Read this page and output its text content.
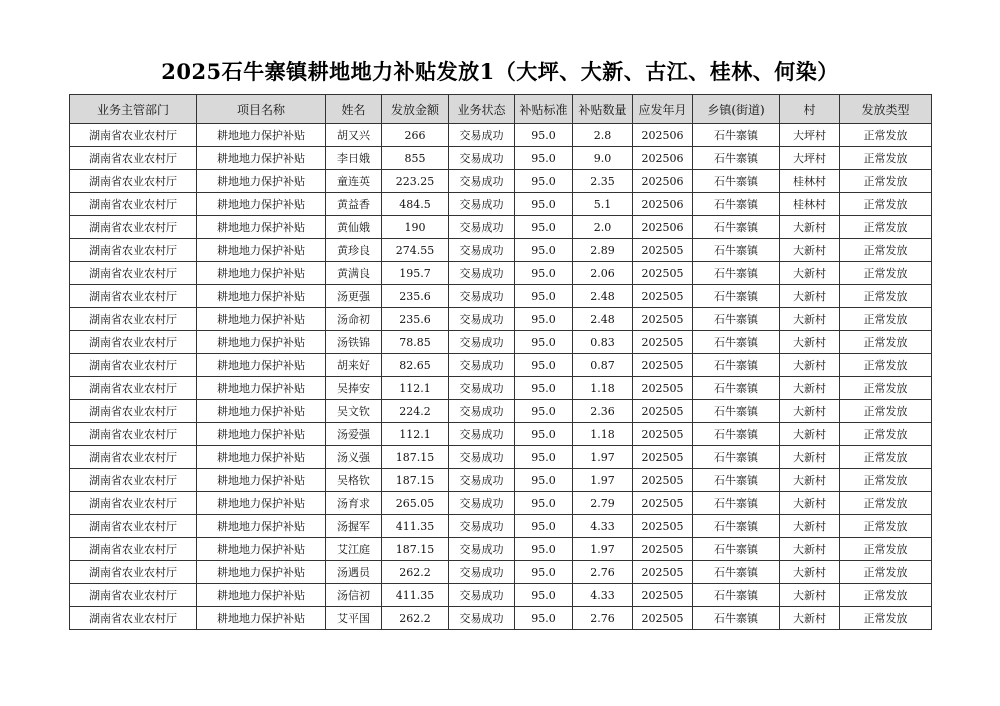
2025石牛寨镇耕地地力补贴发放1（大坪、大新、古江、桂林、何染）
业务主管部门	项目名称	姓名	发放金额	业务状态	补贴标准	补贴数量	应发年月	乡镇(街道)	村	发放类型
湖南省农业农村厅	耕地地力保护补贴	胡又兴	266	交易成功	95.0	2.8	202506	石牛寨镇	大坪村	正常发放
湖南省农业农村厅	耕地地力保护补贴	李日娥	855	交易成功	95.0	9.0	202506	石牛寨镇	大坪村	正常发放
湖南省农业农村厅	耕地地力保护补贴	童连英	223.25	交易成功	95.0	2.35	202506	石牛寨镇	桂林村	正常发放
湖南省农业农村厅	耕地地力保护补贴	黄益香	484.5	交易成功	95.0	5.1	202506	石牛寨镇	桂林村	正常发放
湖南省农业农村厅	耕地地力保护补贴	黄仙娥	190	交易成功	95.0	2.0	202506	石牛寨镇	大新村	正常发放
湖南省农业农村厅	耕地地力保护补贴	黄珍良	274.55	交易成功	95.0	2.89	202505	石牛寨镇	大新村	正常发放
湖南省农业农村厅	耕地地力保护补贴	黄满良	195.7	交易成功	95.0	2.06	202505	石牛寨镇	大新村	正常发放
湖南省农业农村厅	耕地地力保护补贴	汤更强	235.6	交易成功	95.0	2.48	202505	石牛寨镇	大新村	正常发放
湖南省农业农村厅	耕地地力保护补贴	汤命初	235.6	交易成功	95.0	2.48	202505	石牛寨镇	大新村	正常发放
湖南省农业农村厅	耕地地力保护补贴	汤铁锦	78.85	交易成功	95.0	0.83	202505	石牛寨镇	大新村	正常发放
湖南省农业农村厅	耕地地力保护补贴	胡来好	82.65	交易成功	95.0	0.87	202505	石牛寨镇	大新村	正常发放
湖南省农业农村厅	耕地地力保护补贴	吴捧安	112.1	交易成功	95.0	1.18	202505	石牛寨镇	大新村	正常发放
湖南省农业农村厅	耕地地力保护补贴	吴文钦	224.2	交易成功	95.0	2.36	202505	石牛寨镇	大新村	正常发放
湖南省农业农村厅	耕地地力保护补贴	汤爱强	112.1	交易成功	95.0	1.18	202505	石牛寨镇	大新村	正常发放
湖南省农业农村厅	耕地地力保护补贴	汤义强	187.15	交易成功	95.0	1.97	202505	石牛寨镇	大新村	正常发放
湖南省农业农村厅	耕地地力保护补贴	吴格钦	187.15	交易成功	95.0	1.97	202505	石牛寨镇	大新村	正常发放
湖南省农业农村厅	耕地地力保护补贴	汤育求	265.05	交易成功	95.0	2.79	202505	石牛寨镇	大新村	正常发放
湖南省农业农村厅	耕地地力保护补贴	汤握军	411.35	交易成功	95.0	4.33	202505	石牛寨镇	大新村	正常发放
湖南省农业农村厅	耕地地力保护补贴	艾江庭	187.15	交易成功	95.0	1.97	202505	石牛寨镇	大新村	正常发放
湖南省农业农村厅	耕地地力保护补贴	汤遇员	262.2	交易成功	95.0	2.76	202505	石牛寨镇	大新村	正常发放
湖南省农业农村厅	耕地地力保护补贴	汤信初	411.35	交易成功	95.0	4.33	202505	石牛寨镇	大新村	正常发放
湖南省农业农村厅	耕地地力保护补贴	艾平国	262.2	交易成功	95.0	2.76	202505	石牛寨镇	大新村	正常发放
